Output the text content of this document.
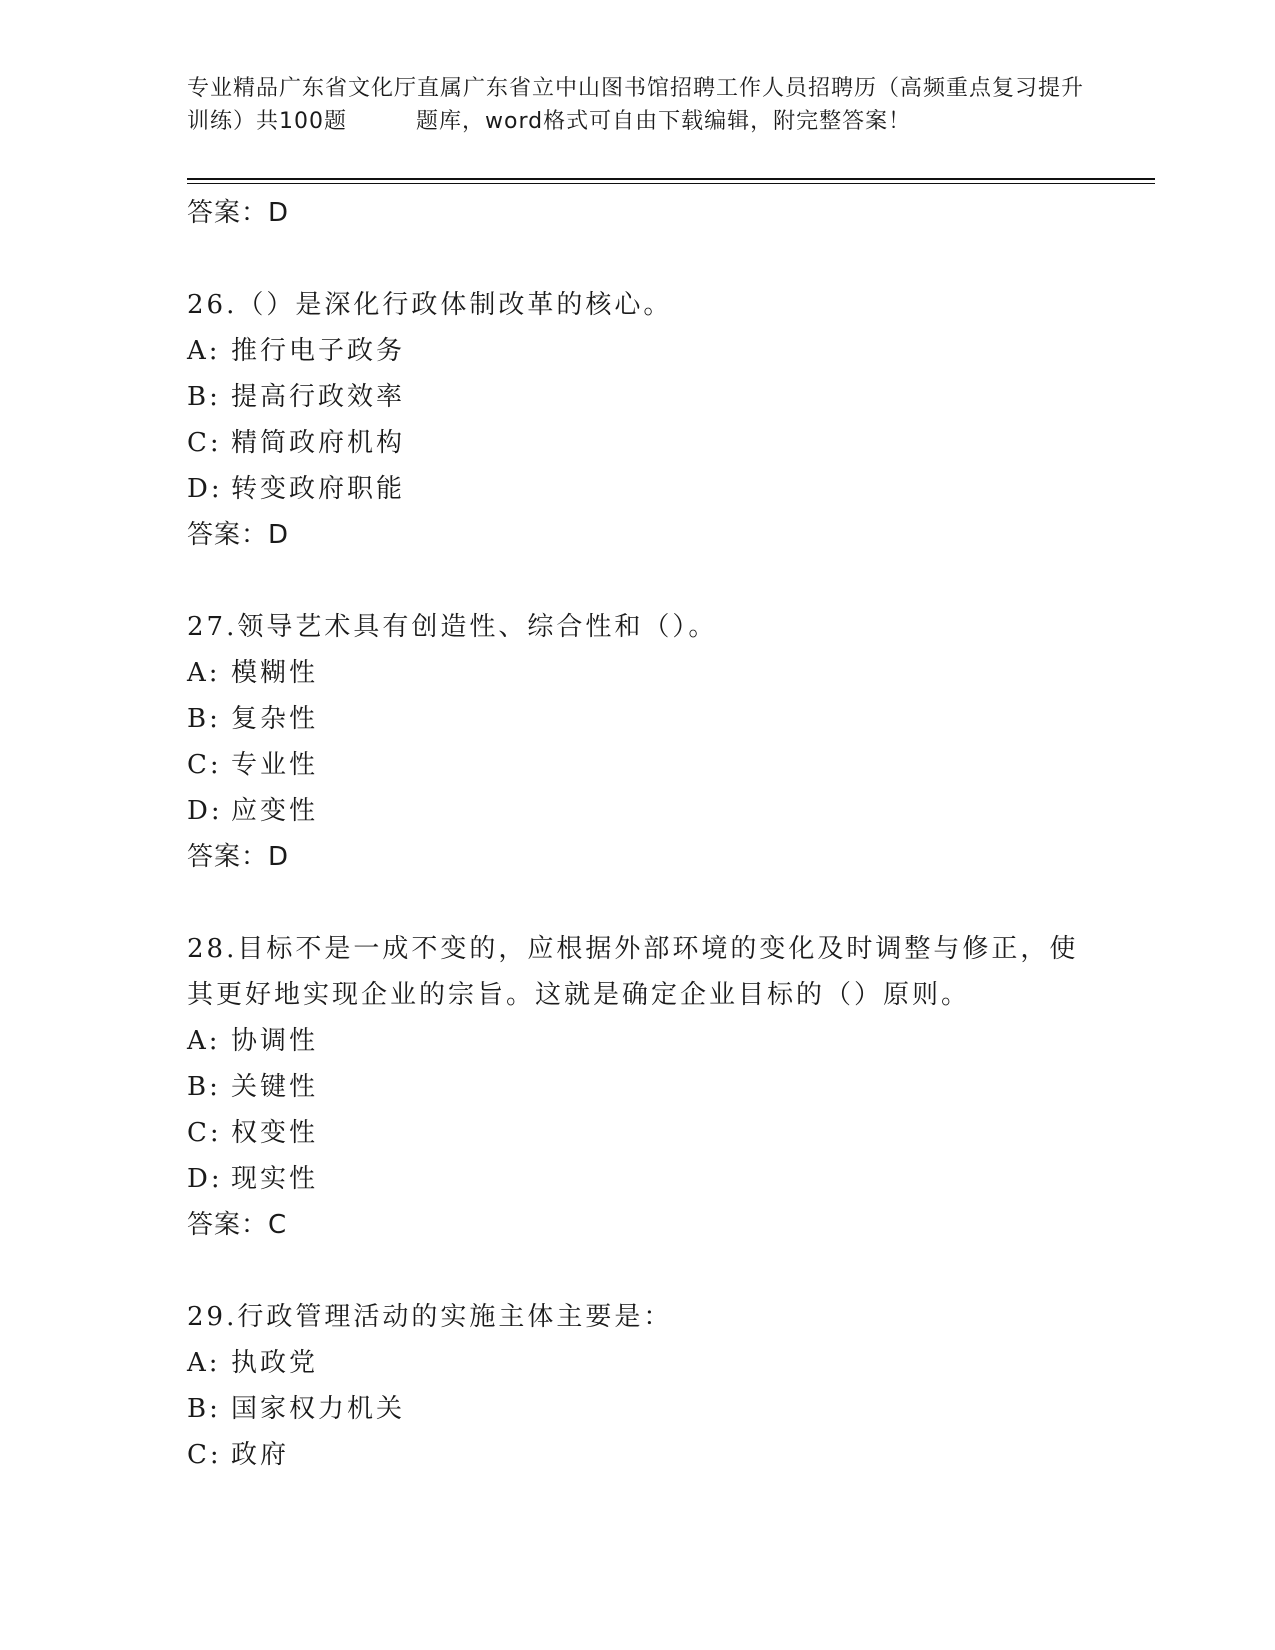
专业精品广东省文化厅直属广东省立中山图书馆招聘工作人员招聘历（高频重点复习提升训练）共100题　　　题库，word格式可自由下载编辑，附完整答案！
答案：D
26.（）是深化行政体制改革的核心。
A: 推行电子政务
B: 提高行政效率
C: 精简政府机构
D: 转变政府职能
答案：D
27.领导艺术具有创造性、综合性和（）。
A: 模糊性
B: 复杂性
C: 专业性
D: 应变性
答案：D
28.目标不是一成不变的，应根据外部环境的变化及时调整与修正，使其更好地实现企业的宗旨。这就是确定企业目标的（）原则。
A: 协调性
B: 关键性
C: 权变性
D: 现实性
答案：C
29.行政管理活动的实施主体主要是：
A: 执政党
B: 国家权力机关
C: 政府
